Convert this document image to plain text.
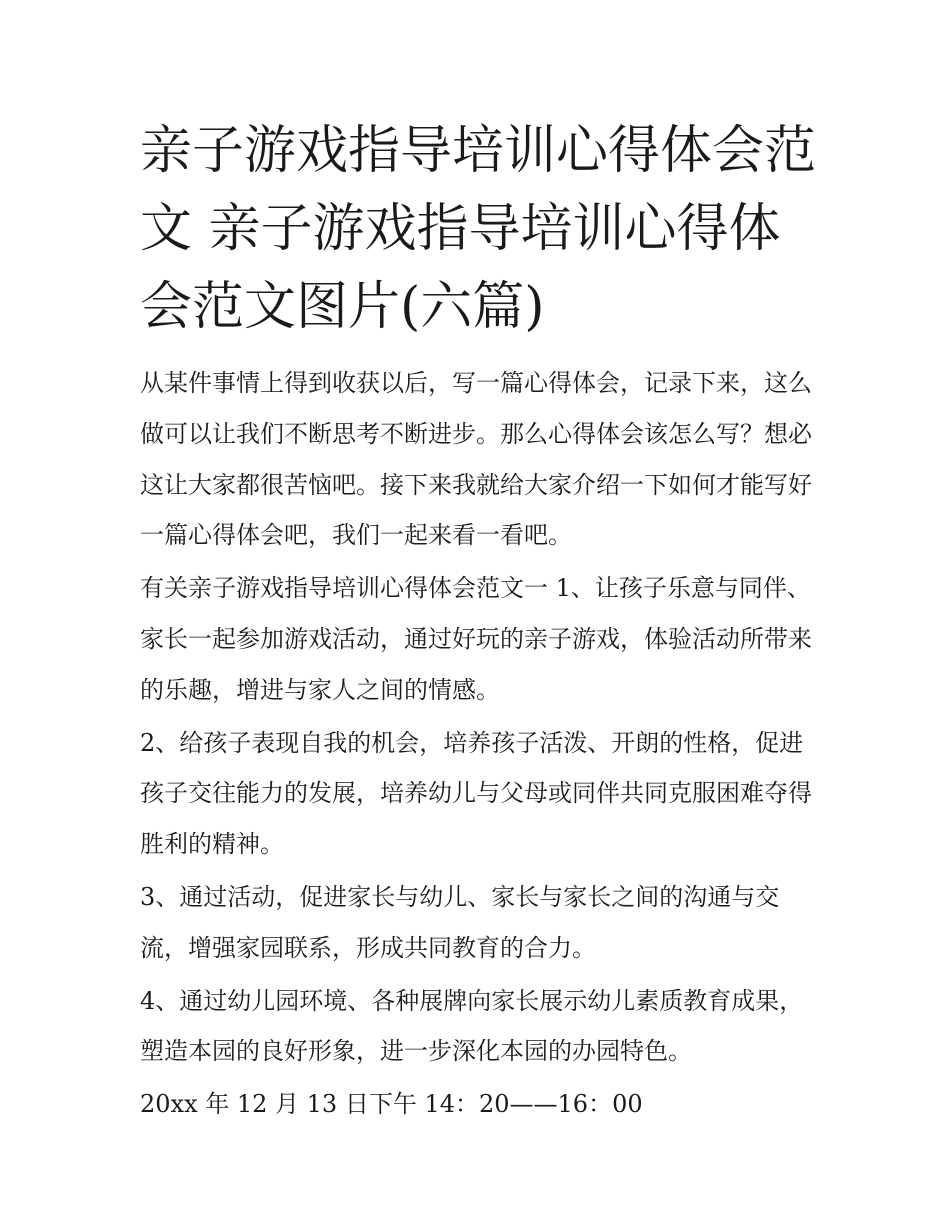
亲子游戏指导培训心得体会范文 亲子游戏指导培训心得体会范文图片(六篇)

从某件事情上得到收获以后，写一篇心得体会，记录下来，这么做可以让我们不断思考不断进步。那么心得体会该怎么写？想必这让大家都很苦恼吧。接下来我就给大家介绍一下如何才能写好一篇心得体会吧，我们一起来看一看吧。

有关亲子游戏指导培训心得体会范文一 1、让孩子乐意与同伴、家长一起参加游戏活动，通过好玩的亲子游戏，体验活动所带来的乐趣，增进与家人之间的情感。

2、给孩子表现自我的机会，培养孩子活泼、开朗的性格，促进孩子交往能力的发展，培养幼儿与父母或同伴共同克服困难夺得胜利的精神。

3、通过活动，促进家长与幼儿、家长与家长之间的沟通与交流，增强家园联系，形成共同教育的合力。

4、通过幼儿园环境、各种展牌向家长展示幼儿素质教育成果，塑造本园的良好形象，进一步深化本园的办园特色。

20xx 年 12 月 13 日下午 14：20——16：00
